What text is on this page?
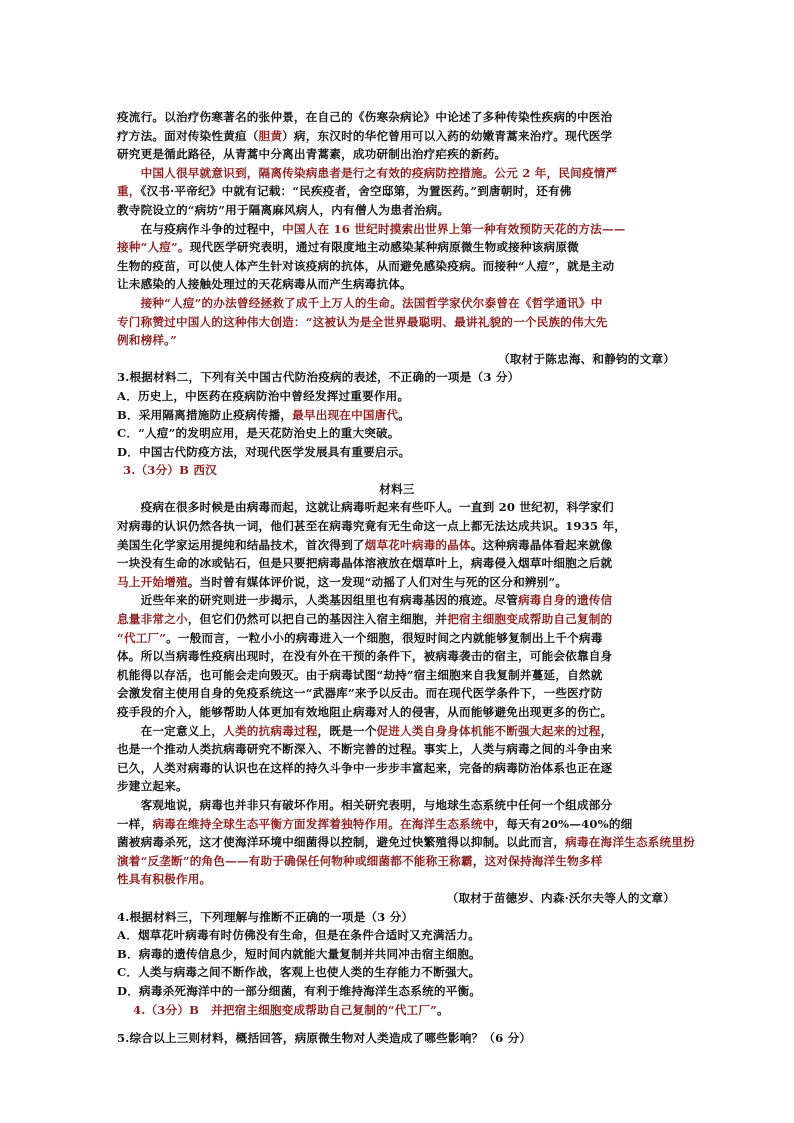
疫流行。以治疗伤寒著名的张仲景，在自己的《伤寒杂病论》中论述了多种传染性疾病的中医治
疗方法。面对传染性黄疸（胆黄）病，东汉时的华佗曾用可以入药的幼嫩青蒿来治疗。现代医学
研究更是循此路径，从青蒿中分离出青蒿素，成功研制出治疗疟疾的新药。
　　中国人很早就意识到，隔离传染病患者是行之有效的疫病防控措施。公元 2 年，民间疫情严
重，《汉书·平帝纪》中就有记载：“民疾疫者，舍空邸第，为置医药。”到唐朝时，还有佛
教寺院设立的“病坊”用于隔离麻风病人，内有僧人为患者治病。
　　在与疫病作斗争的过程中，中国人在 16 世纪时摸索出世界上第一种有效预防天花的方法——
接种“人痘”。现代医学研究表明，通过有限度地主动感染某种病原微生物或接种该病原微
生物的疫苗，可以使人体产生针对该疫病的抗体，从而避免感染疫病。而接种“人痘”，就是主动
让未感染的人接触处理过的天花病毒从而产生病毒抗体。
　　接种“人痘”的办法曾经拯救了成千上万人的生命。法国哲学家伏尔泰曾在《哲学通讯》中
专门称赞过中国人的这种伟大创造：“这被认为是全世界最聪明、最讲礼貌的一个民族的伟大先
例和榜样。”
（取材于陈忠海、和静钧的文章）
3.根据材料二，下列有关中国古代防治疫病的表述，不正确的一项是（3 分）
A．历史上，中医药在疫病防治中曾经发挥过重要作用。
B．采用隔离措施防止疫病传播，最早出现在中国唐代。
C．“人痘”的发明应用，是天花防治史上的重大突破。
D．中国古代防疫方法，对现代医学发展具有重要启示。
3.（3分）B 西汉
材料三
　　疫病在很多时候是由病毒而起，这就让病毒听起来有些吓人。一直到 20 世纪初，科学家们
对病毒的认识仍然各执一词，他们甚至在病毒究竟有无生命这一点上都无法达成共识。1935 年，
美国生化学家运用提纯和结晶技术，首次得到了烟草花叶病毒的晶体。这种病毒晶体看起来就像
一块没有生命的冰或钻石，但是只要把病毒晶体溶液放在烟草叶上，病毒侵入烟草叶细胞之后就
马上开始增殖。当时曾有媒体评价说，这一发现“动摇了人们对生与死的区分和辨别”。
　　近些年来的研究则进一步揭示，人类基因组里也有病毒基因的痕迹。尽管病毒自身的遗传信
息量非常之小，但它们仍然可以把自己的基因注入宿主细胞，并把宿主细胞变成帮助自己复制的
“代工厂”。一般而言，一粒小小的病毒进入一个细胞，很短时间之内就能够复制出上千个病毒
体。所以当病毒性疫病出现时，在没有外在干预的条件下，被病毒袭击的宿主，可能会依靠自身
机能得以存活，也可能会走向毁灭。由于病毒试图“劫持”宿主细胞来自我复制并蔓延，自然就
会激发宿主使用自身的免疫系统这一“武器库”来予以反击。而在现代医学条件下，一些医疗防
疫手段的介入，能够帮助人体更加有效地阻止病毒对人的侵害，从而能够避免出现更多的伤亡。
　　在一定意义上，人类的抗病毒过程，既是一个促进人类自身身体机能不断强大起来的过程，
也是一个推动人类抗病毒研究不断深入、不断完善的过程。事实上，人类与病毒之间的斗争由来
已久，人类对病毒的认识也在这样的持久斗争中一步步丰富起来，完备的病毒防治体系也正在逐
步建立起来。
　　客观地说，病毒也并非只有破坏作用。相关研究表明，与地球生态系统中任何一个组成部分
一样，病毒在维持全球生态平衡方面发挥着独特作用。在海洋生态系统中，每天有20%—40%的细
菌被病毒杀死，这才使海洋环境中细菌得以控制，避免过快繁殖得以抑制。以此而言，病毒在海洋生态系统里扮
演着“反垄断”的角色——有助于确保任何物种或细菌都不能称王称霸，这对保持海洋生物多样
性具有积极作用。
（取材于苗德岁、内森·沃尔夫等人的文章）
4.根据材料三，下列理解与推断不正确的一项是（3 分）
A．烟草花叶病毒有时仿佛没有生命，但是在条件合适时又充满活力。
B．病毒的遗传信息少，短时间内就能大量复制并共同冲击宿主细胞。
C．人类与病毒之间不断作战，客观上也使人类的生存能力不断强大。
D．病毒杀死海洋中的一部分细菌，有利于维持海洋生态系统的平衡。
4.（3分）B　并把宿主细胞变成帮助自己复制的“代工厂”。
5.综合以上三则材料，概括回答，病原微生物对人类造成了哪些影响？（6 分）
